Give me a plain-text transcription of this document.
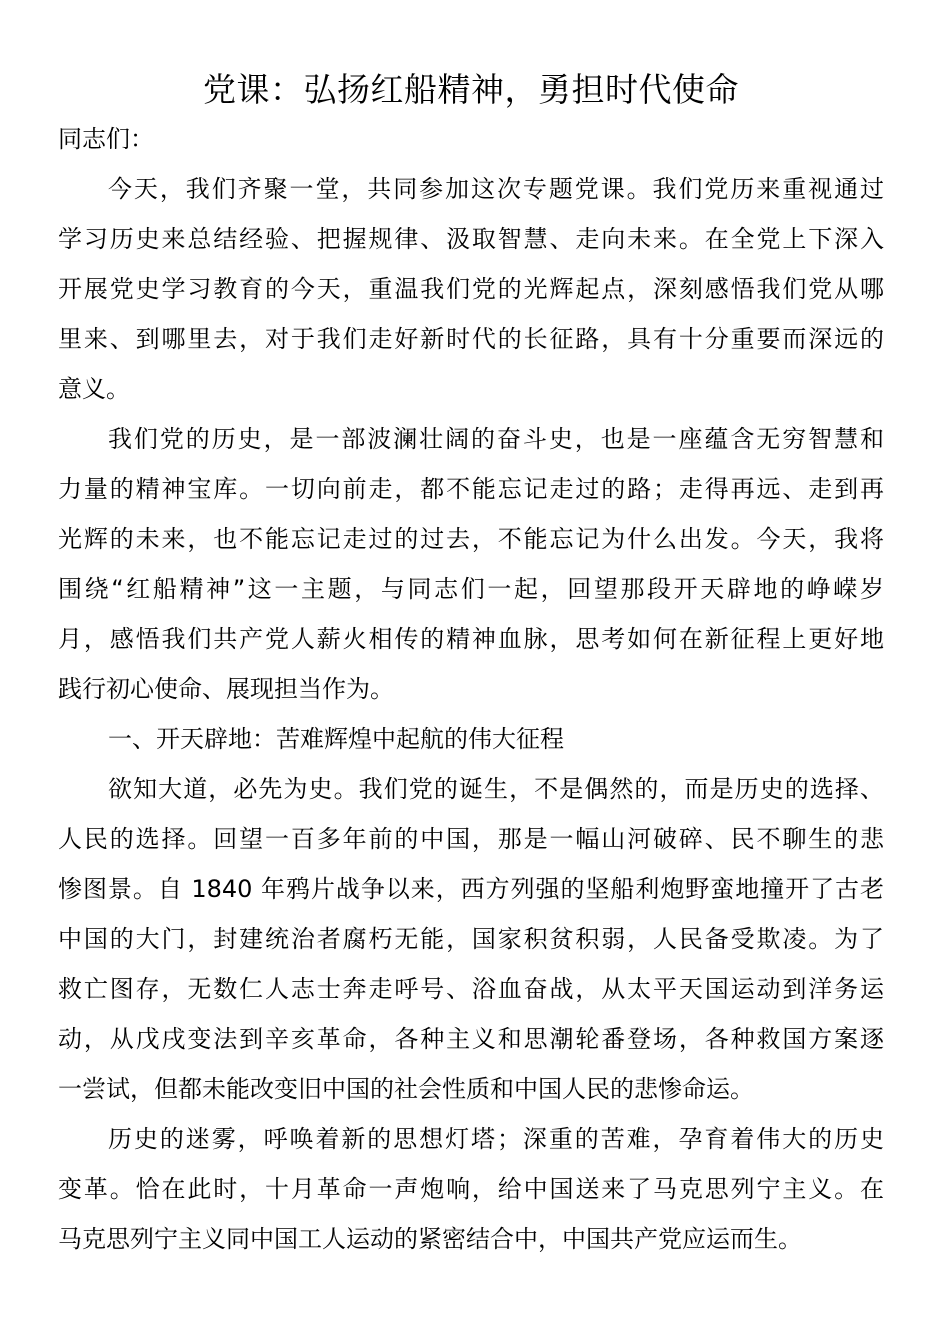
党课：弘扬红船精神，勇担时代使命
同志们：
今天，我们齐聚一堂，共同参加这次专题党课。我们党历来重视通过
学习历史来总结经验、把握规律、汲取智慧、走向未来。在全党上下深入
开展党史学习教育的今天，重温我们党的光辉起点，深刻感悟我们党从哪
里来、到哪里去，对于我们走好新时代的长征路，具有十分重要而深远的
意义。
我们党的历史，是一部波澜壮阔的奋斗史，也是一座蕴含无穷智慧和
力量的精神宝库。一切向前走，都不能忘记走过的路；走得再远、走到再
光辉的未来，也不能忘记走过的过去，不能忘记为什么出发。今天，我将
围绕“红船精神”这一主题，与同志们一起，回望那段开天辟地的峥嵘岁
月，感悟我们共产党人薪火相传的精神血脉，思考如何在新征程上更好地
践行初心使命、展现担当作为。
一、开天辟地：苦难辉煌中起航的伟大征程
欲知大道，必先为史。我们党的诞生，不是偶然的，而是历史的选择、
人民的选择。回望一百多年前的中国，那是一幅山河破碎、民不聊生的悲
惨图景。自 1840 年鸦片战争以来，西方列强的坚船利炮野蛮地撞开了古老
中国的大门，封建统治者腐朽无能，国家积贫积弱，人民备受欺凌。为了
救亡图存，无数仁人志士奔走呼号、浴血奋战，从太平天国运动到洋务运
动，从戊戌变法到辛亥革命，各种主义和思潮轮番登场，各种救国方案逐
一尝试，但都未能改变旧中国的社会性质和中国人民的悲惨命运。
历史的迷雾，呼唤着新的思想灯塔；深重的苦难，孕育着伟大的历史
变革。恰在此时，十月革命一声炮响，给中国送来了马克思列宁主义。在
马克思列宁主义同中国工人运动的紧密结合中，中国共产党应运而生。
